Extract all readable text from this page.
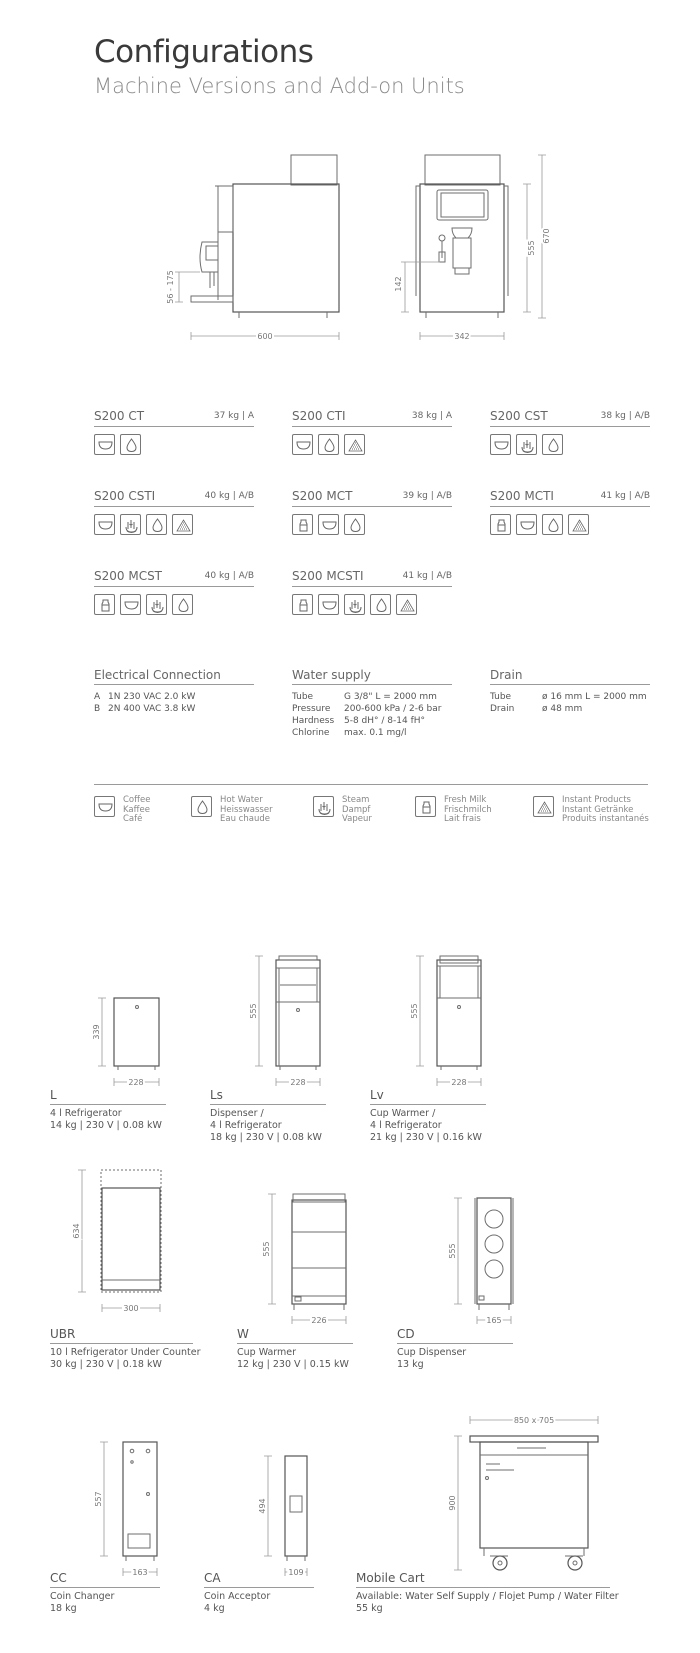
Configurations
Machine Versions and Add-on Units
600
56 - 175
342
142
555
670
S200 CT	37 kg | A	S200 CTI	38 kg | A	S200 CST	38 kg | A/B
S200 CSTI	40 kg | A/B	S200 MCT	39 kg | A/B	S200 MCTI	41 kg | A/B
S200 MCST	40 kg | A/B	S200 MCSTI	41 kg | A/B
Electrical Connection
A 1N 230 VAC 2.0 kW
B 2N 400 VAC 3.8 kW
Water supply
Tube	G 3/8" L = 2000 mm
Pressure 200-600 kPa / 2-6 bar
Hardness 5-8 dH° / 8-14 fH°
Chlorine max. 0.1 mg/l
Drain
Tube	ø 16 mm L = 2000 mm
Drain	ø 48 mm
Coffee
Kaffee
Café
Hot Water
Heisswasser
Eau chaude
Steam
Dampf
Vapeur
Fresh Milk
Frischmilch
Lait frais
Instant Products
Instant Getränke
Produits instantanés
339
228
555
228
555
228
634
300
555
226
555
165
557
163
494
109
900
850 x 705
L
4 l Refrigerator
14 kg | 230 V | 0.08 kW
Ls
Dispenser /
4 l Refrigerator
18 kg | 230 V | 0.08 kW
Lv
Cup Warmer /
4 l Refrigerator
21 kg | 230 V | 0.16 kW
UBR
10 l Refrigerator Under Counter
30 kg | 230 V | 0.18 kW
W
Cup Warmer
12 kg | 230 V | 0.15 kW
CD
Cup Dispenser
13 kg
CC
Coin Changer
18 kg
CA
Coin Acceptor
4 kg
Mobile Cart
Available: Water Self Supply / Flojet Pump / Water Filter
55 kg
